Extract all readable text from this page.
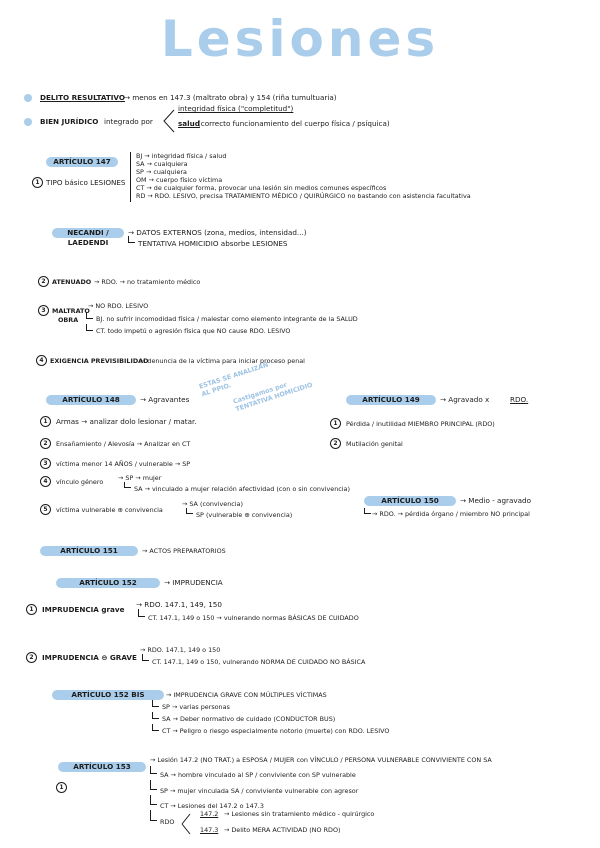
Lesiones
DELITO RESULTATIVO → menos en 147.3 (maltrato obra) y 154 (riña tumultuaria)
BIEN JURÍDICO integrado por
integridad física ("completitud")
salud
(correcto funcionamiento del cuerpo física / psíquica)
ARTÍCULO 147
1 TIPO básico LESIONES
BJ → integridad física / salud
SA → cualquiera
SP → cualquiera
OM → cuerpo físico víctima
CT → de cualquier forma, provocar una lesión sin medios comunes específicos
RD → RDO. LESIVO, precisa TRATAMIENTO MÉDICO / QUIRÚRGICO no bastando con asistencia facultativa
NECANDI / LAEDENDI
→ DATOS EXTERNOS (zona, medios, intensidad...)
TENTATIVA HOMICIDIO absorbe LESIONES
2	ATENUADO → RDO. → no tratamiento médico
3	MALTRATO
OBRA
→ NO RDO. LESIVO
BJ. no sufrir incomodidad física / malestar como elemento integrante de la SALUD
CT. todo impetú o agresión física que NO cause RDO. LESIVO
4	EXIGENCIA PREVISIBILIDAD
→ denuncia de la víctima para iniciar proceso penal
ARTÍCULO 148	→ Agravantes
ESTAS SE ANALIZAN AL PPIO. Castigamos por TENTATIVA HOMICIDIO
1	Armas → analizar dolo lesionar / matar.
2	Ensañamiento / Alevosía → Analizar en CT
3	víctima menor 14 AÑOS / vulnerable → SP
4	vínculo género → SP → mujer
SA → vinculado a mujer relación afectividad (con o sin convivencia)
5	víctima vulnerable ⊕ convivencia
→ SA (convivencia)
SP (vulnerable ⊕ convivencia)
ARTÍCULO 149	→ Agravado x	RDO.
1	Pérdida / inutilidad MIEMBRO PRINCIPAL (RDO)
2	Mutilación genital
ARTÍCULO 150	→ Medio - agravado
→ RDO. → pérdida órgano / miembro NO principal
ARTÍCULO 151	→ ACTOS PREPARATORIOS
ARTÍCULO 152	→ IMPRUDENCIA
1	IMPRUDENCIA grave
→ RDO. 147.1, 149, 150
CT. 147.1, 149 o 150 → vulnerando normas BÁSICAS DE CUIDADO
2	IMPRUDENCIA ⊖ GRAVE
→ RDO. 147.1, 149 o 150
CT. 147.1, 149 o 150, vulnerando NORMA DE CUIDADO NO BÁSICA
ARTÍCULO 152 BIS	→ IMPRUDENCIA GRAVE CON MÚLTIPLES VÍCTIMAS
SP → varias personas
SA → Deber normativo de cuidado (CONDUCTOR BUS)
CT → Peligro o riesgo especialmente notorio (muerte) con RDO. LESIVO
ARTÍCULO 153
→ Lesión 147.2 (NO TRAT.) a ESPOSA / MUJER con VÍNCULO / PERSONA VULNERABLE CONVIVIENTE CON SA
1
SA → hombre vinculado al SP / conviviente con SP vulnerable
SP → mujer vinculada SA / conviviente vulnerable con agresor
CT → Lesiones del 147.2 o 147.3
RDO
147.2 → Lesiones sin tratamiento médico - quirúrgico
147.3 → Delito MERA ACTIVIDAD (NO RDO)
